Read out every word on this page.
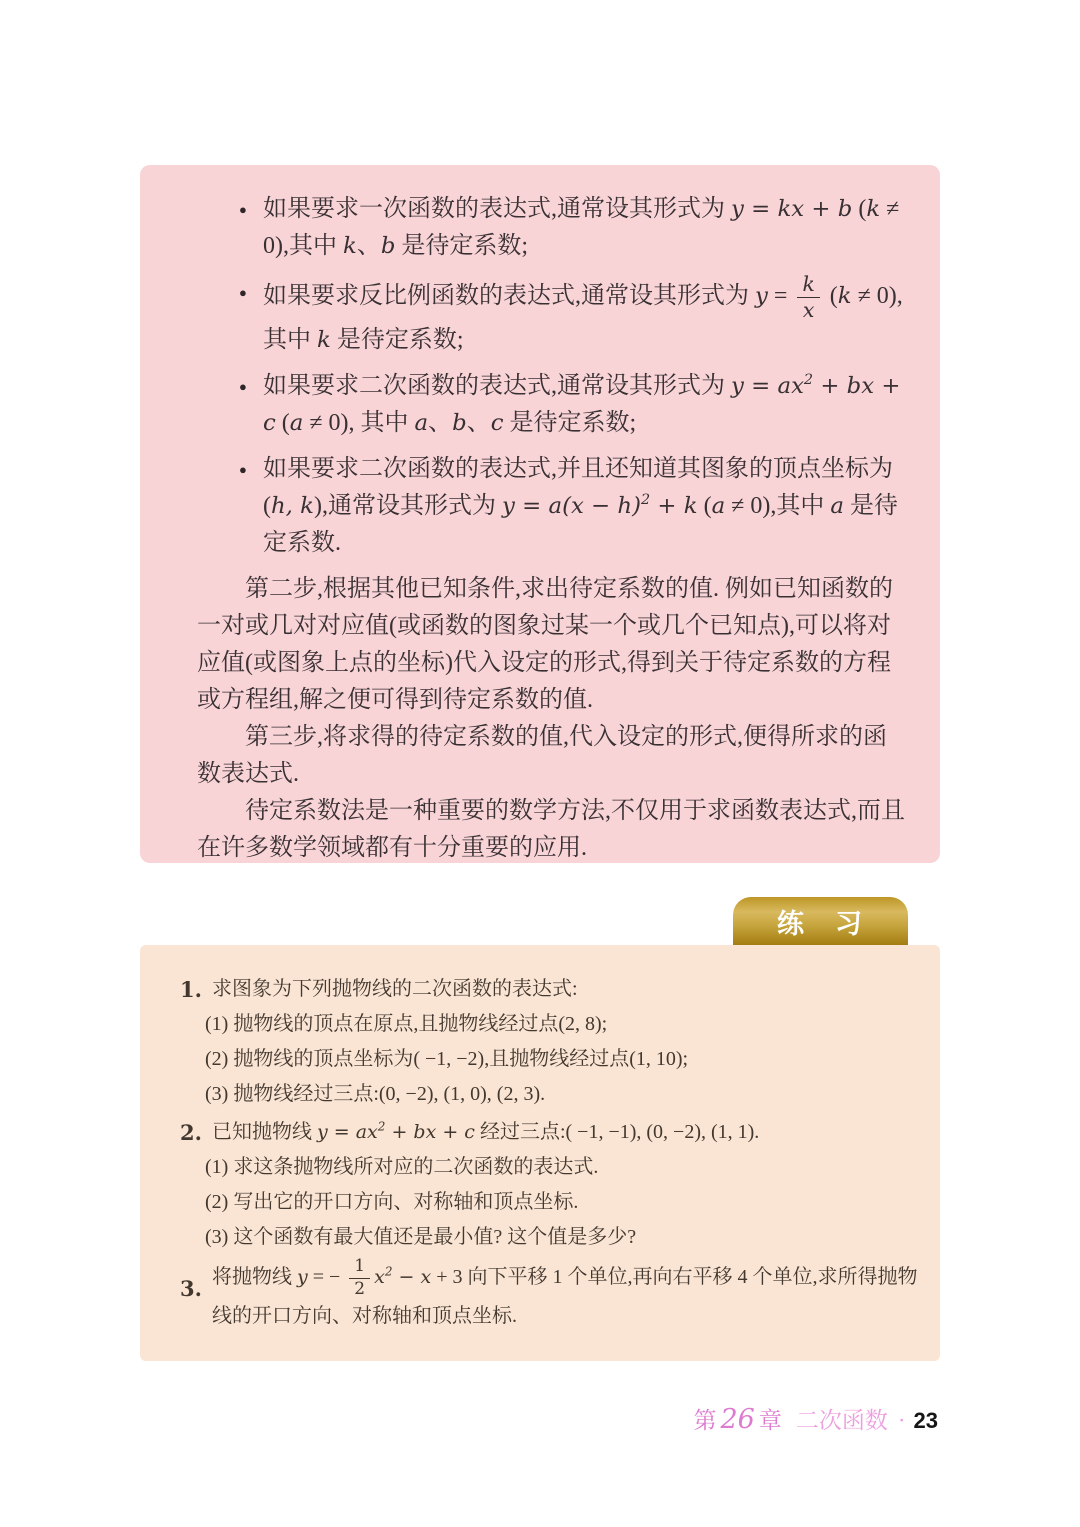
● 如果要求一次函数的表达式,通常设其形式为 y = kx + b (k ≠ 0),其中 k、b 是待定系数;
● 如果要求反比例函数的表达式,通常设其形式为 $y = \frac{k}{x} (k \ne 0)$,其中 k 是待定系数;
● 如果要求二次函数的表达式,通常设其形式为 $y = ax^2$ + bx + c (a ≠ 0), 其中 a、b、c 是待定系数;
● 如果要求二次函数的表达式,并且还知道其图象的顶点坐标为(h, k),通常设其形式为 $y = a(x - h)^2 + k$ (a ≠ 0),其中 a 是待定系数.

第二步,根据其他已知条件,求出待定系数的值. 例如已知函数的一对或几对对应值(或函数的图象过某一个或几个已知点),可以将对应值(或图象上点的坐标)代入设定的形式,得到关于待定系数的方程或方程组,解之便可得到待定系数的值.

第三步,将求得的待定系数的值,代入设定的形式,便得所求的函数表达式.

待定系数法是一种重要的数学方法,不仅用于求函数表达式,而且在许多数学领域都有十分重要的应用.

练　习
1. 求图象为下列抛物线的二次函数的表达式:
(1) 抛物线的顶点在原点,且抛物线经过点(2, 8);
(2) 抛物线的顶点坐标为( −1, −2),且抛物线经过点(1, 10);
(3) 抛物线经过三点:(0, −2), (1, 0), (2, 3).
2. 已知抛物线 $y = ax^2$ + bx + c 经过三点:( −1, −1), (0, −2), (1, 1).
(1) 求这条抛物线所对应的二次函数的表达式.
(2) 写出它的开口方向、对称轴和顶点坐标.
(3) 这个函数有最大值还是最小值? 这个值是多少?
3. 将抛物线 y = − $\frac{1}{2} x^2 - x + 3$ 向下平移 1 个单位,再向右平移 4 个单位,求所得抛物线的开口方向、对称轴和顶点坐标.
第 26 章 二次函数 · 23
